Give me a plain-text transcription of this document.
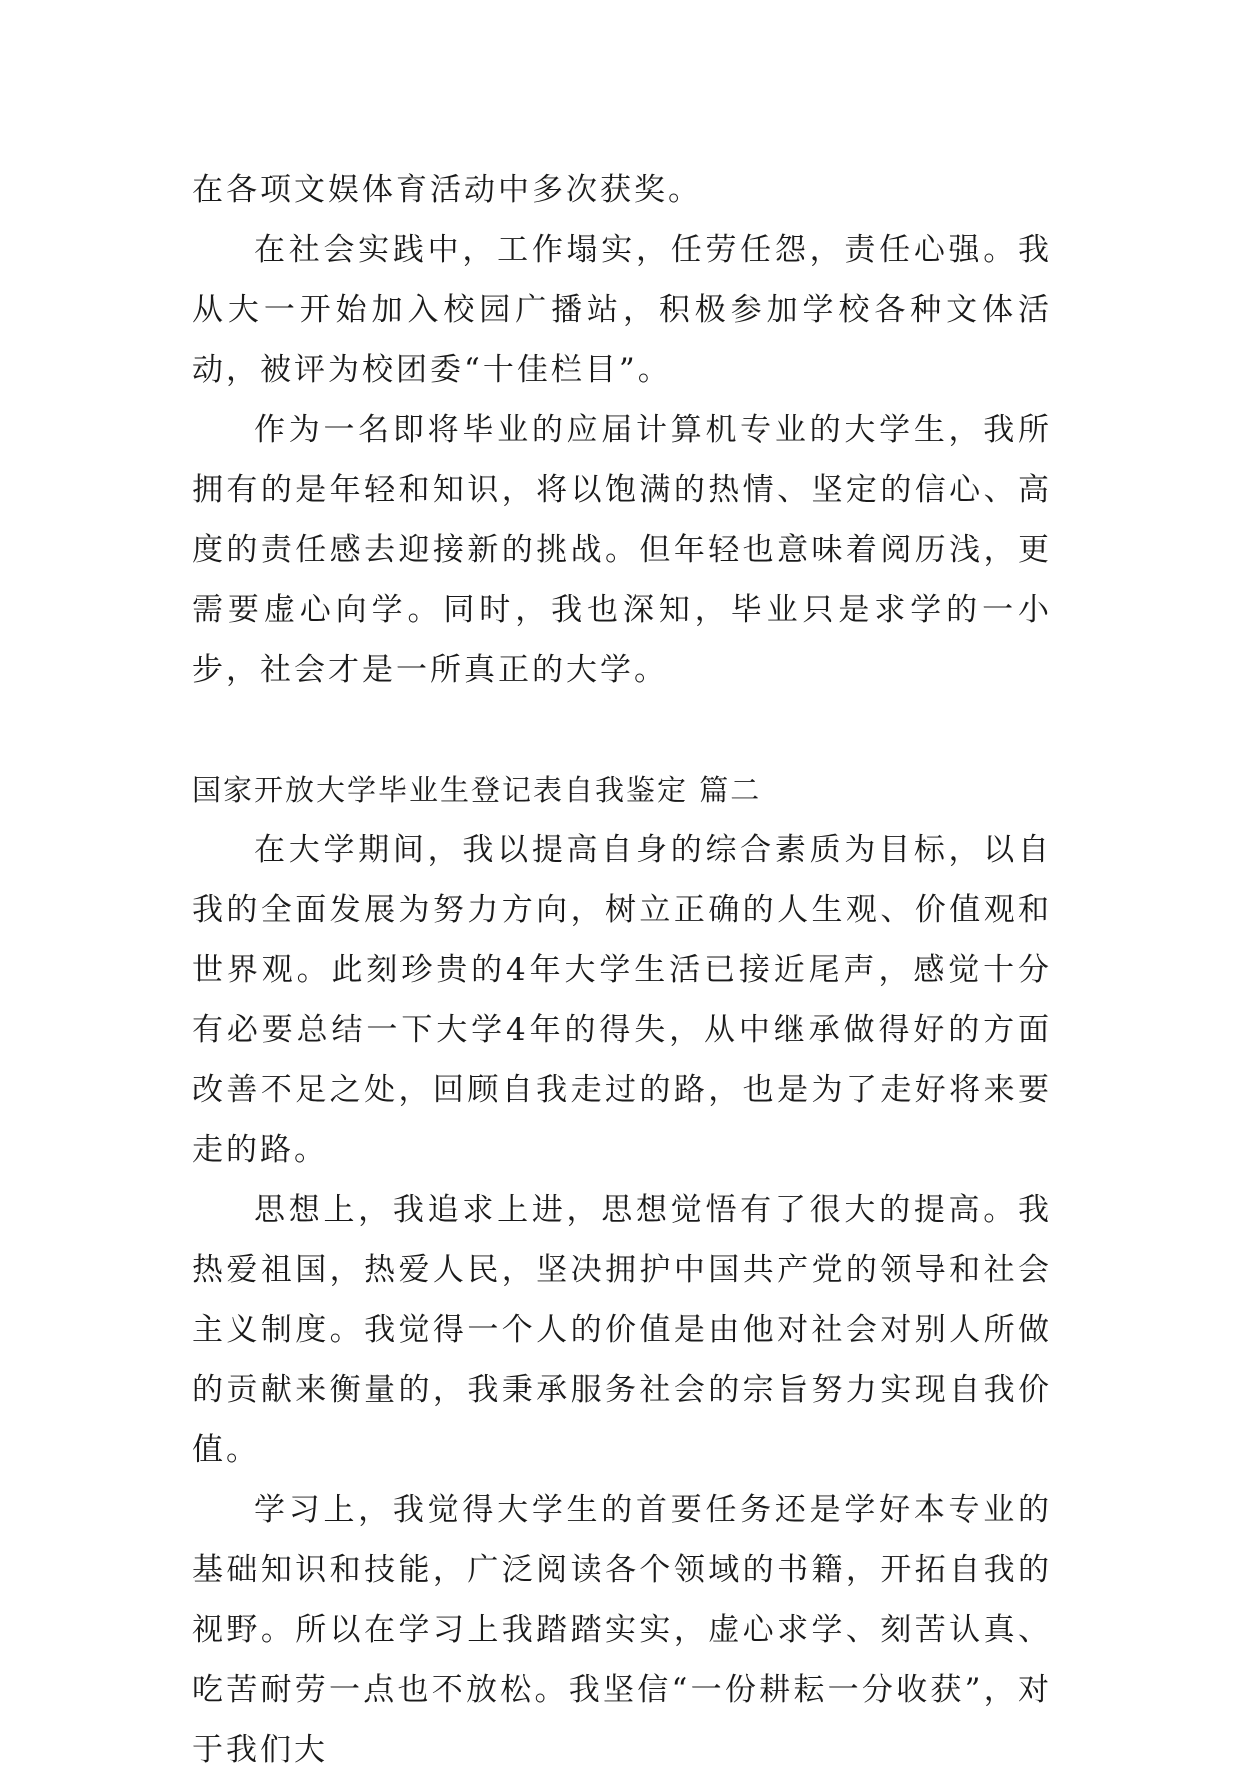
在各项文娱体育活动中多次获奖。

在社会实践中，工作塌实，任劳任怨，责任心强。我从大一开始加入校园广播站，积极参加学校各种文体活动，被评为校团委“十佳栏目”。

作为一名即将毕业的应届计算机专业的大学生，我所拥有的是年轻和知识，将以饱满的热情、坚定的信心、高度的责任感去迎接新的挑战。但年轻也意味着阅历浅，更需要虚心向学。同时，我也深知，毕业只是求学的一小步，社会才是一所真正的大学。

国家开放大学毕业生登记表自我鉴定 篇二

在大学期间，我以提高自身的综合素质为目标，以自我的全面发展为努力方向，树立正确的人生观、价值观和世界观。此刻珍贵的4年大学生活已接近尾声，感觉十分有必要总结一下大学4年的得失，从中继承做得好的方面改善不足之处，回顾自我走过的路，也是为了走好将来要走的路。

思想上，我追求上进，思想觉悟有了很大的提高。我热爱祖国，热爱人民，坚决拥护中国共产党的领导和社会主义制度。我觉得一个人的价值是由他对社会对别人所做的贡献来衡量的，我秉承服务社会的宗旨努力实现自我价值。

学习上，我觉得大学生的首要任务还是学好本专业的基础知识和技能，广泛阅读各个领域的书籍，开拓自我的视野。所以在学习上我踏踏实实，虚心求学、刻苦认真、吃苦耐劳一点也不放松。我坚信“一份耕耘一分收获”，对于我们大
